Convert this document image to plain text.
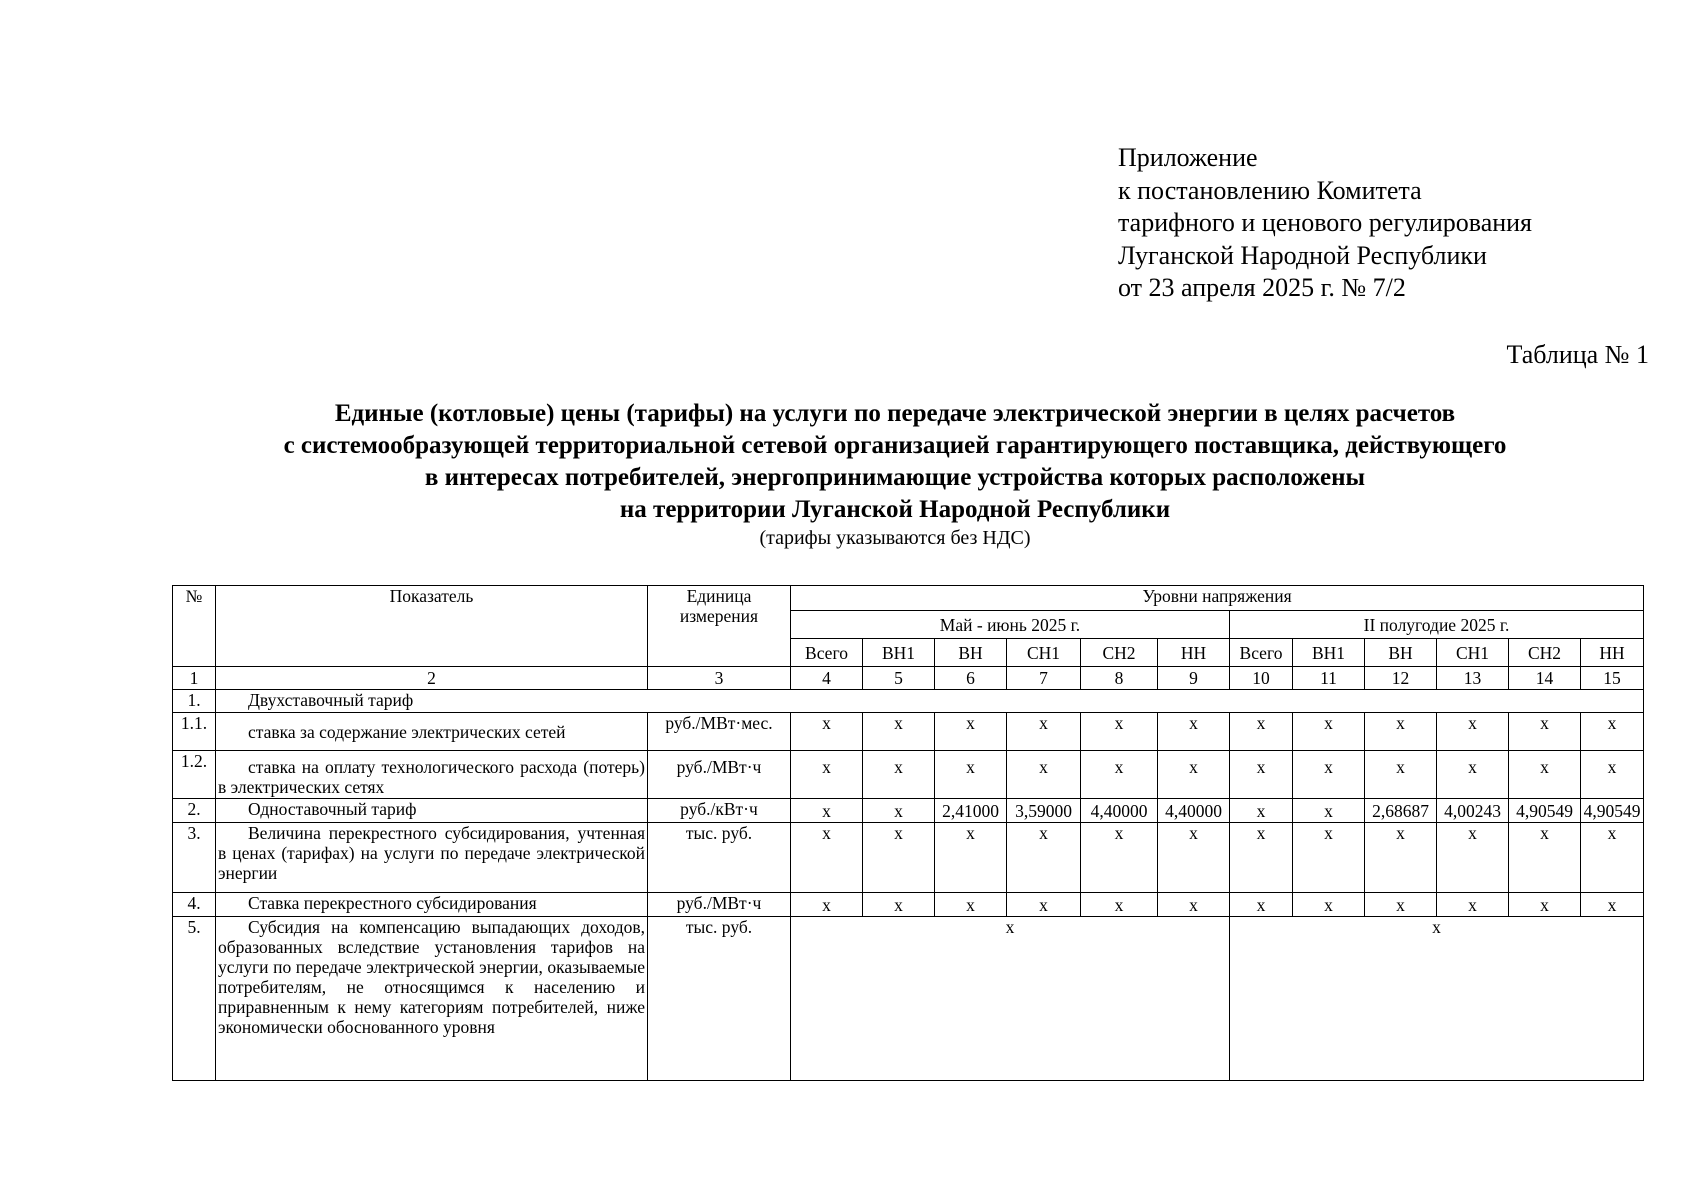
Приложение
к постановлению Комитета
тарифного и ценового регулирования
Луганской Народной Республики
от 23 апреля 2025 г. № 7/2
Таблица № 1
Единые (котловые) цены (тарифы) на услуги по передаче электрической энергии в целях расчетов
с системообразующей территориальной сетевой организацией гарантирующего поставщика, действующего
в интересах потребителей, энергопринимающие устройства которых расположены
на территории Луганской Народной Республики
(тарифы указываются без НДС)
№	Показатель	Единица измерения	Уровни напряжения											
			Май - июнь 2025 г.						II полугодие 2025 г.					
			Всего	ВН1	ВН	СН1	СН2	НН	Всего	ВН1	ВН	СН1	СН2	НН
1	2	3	4	5	6	7	8	9	10	11	12	13	14	15
1.	Двухставочный тариф													
1.1.	ставка за содержание электрических сетей	руб./МВт·мес.	х	х	х	х	х	х	х	х	х	х	х	х
1.2.	ставка на оплату технологического расхода (потерь) в электрических сетях	руб./МВт·ч	х	х	х	х	х	х	х	х	х	х	х	х
2.	Одноставочный тариф	руб./кВт·ч	х	х	2,41000	3,59000	4,40000	4,40000	х	х	2,68687	4,00243	4,90549	4,90549
3.	Величина перекрестного субсидирования, учтенная в ценах (тарифах) на услуги по передаче электрической энергии	тыс. руб.	х	х	х	х	х	х	х	х	х	х	х	х
4.	Ставка перекрестного субсидирования	руб./МВт·ч	х	х	х	х	х	х	х	х	х	х	х	х
5.	Субсидия на компенсацию выпадающих доходов, образованных вследствие установления тарифов на услуги по передаче электрической энергии, оказываемые потребителям, не относящимся к населению и приравненным к нему категориям потребителей, ниже экономически обоснованного уровня	тыс. руб.	х						х					
